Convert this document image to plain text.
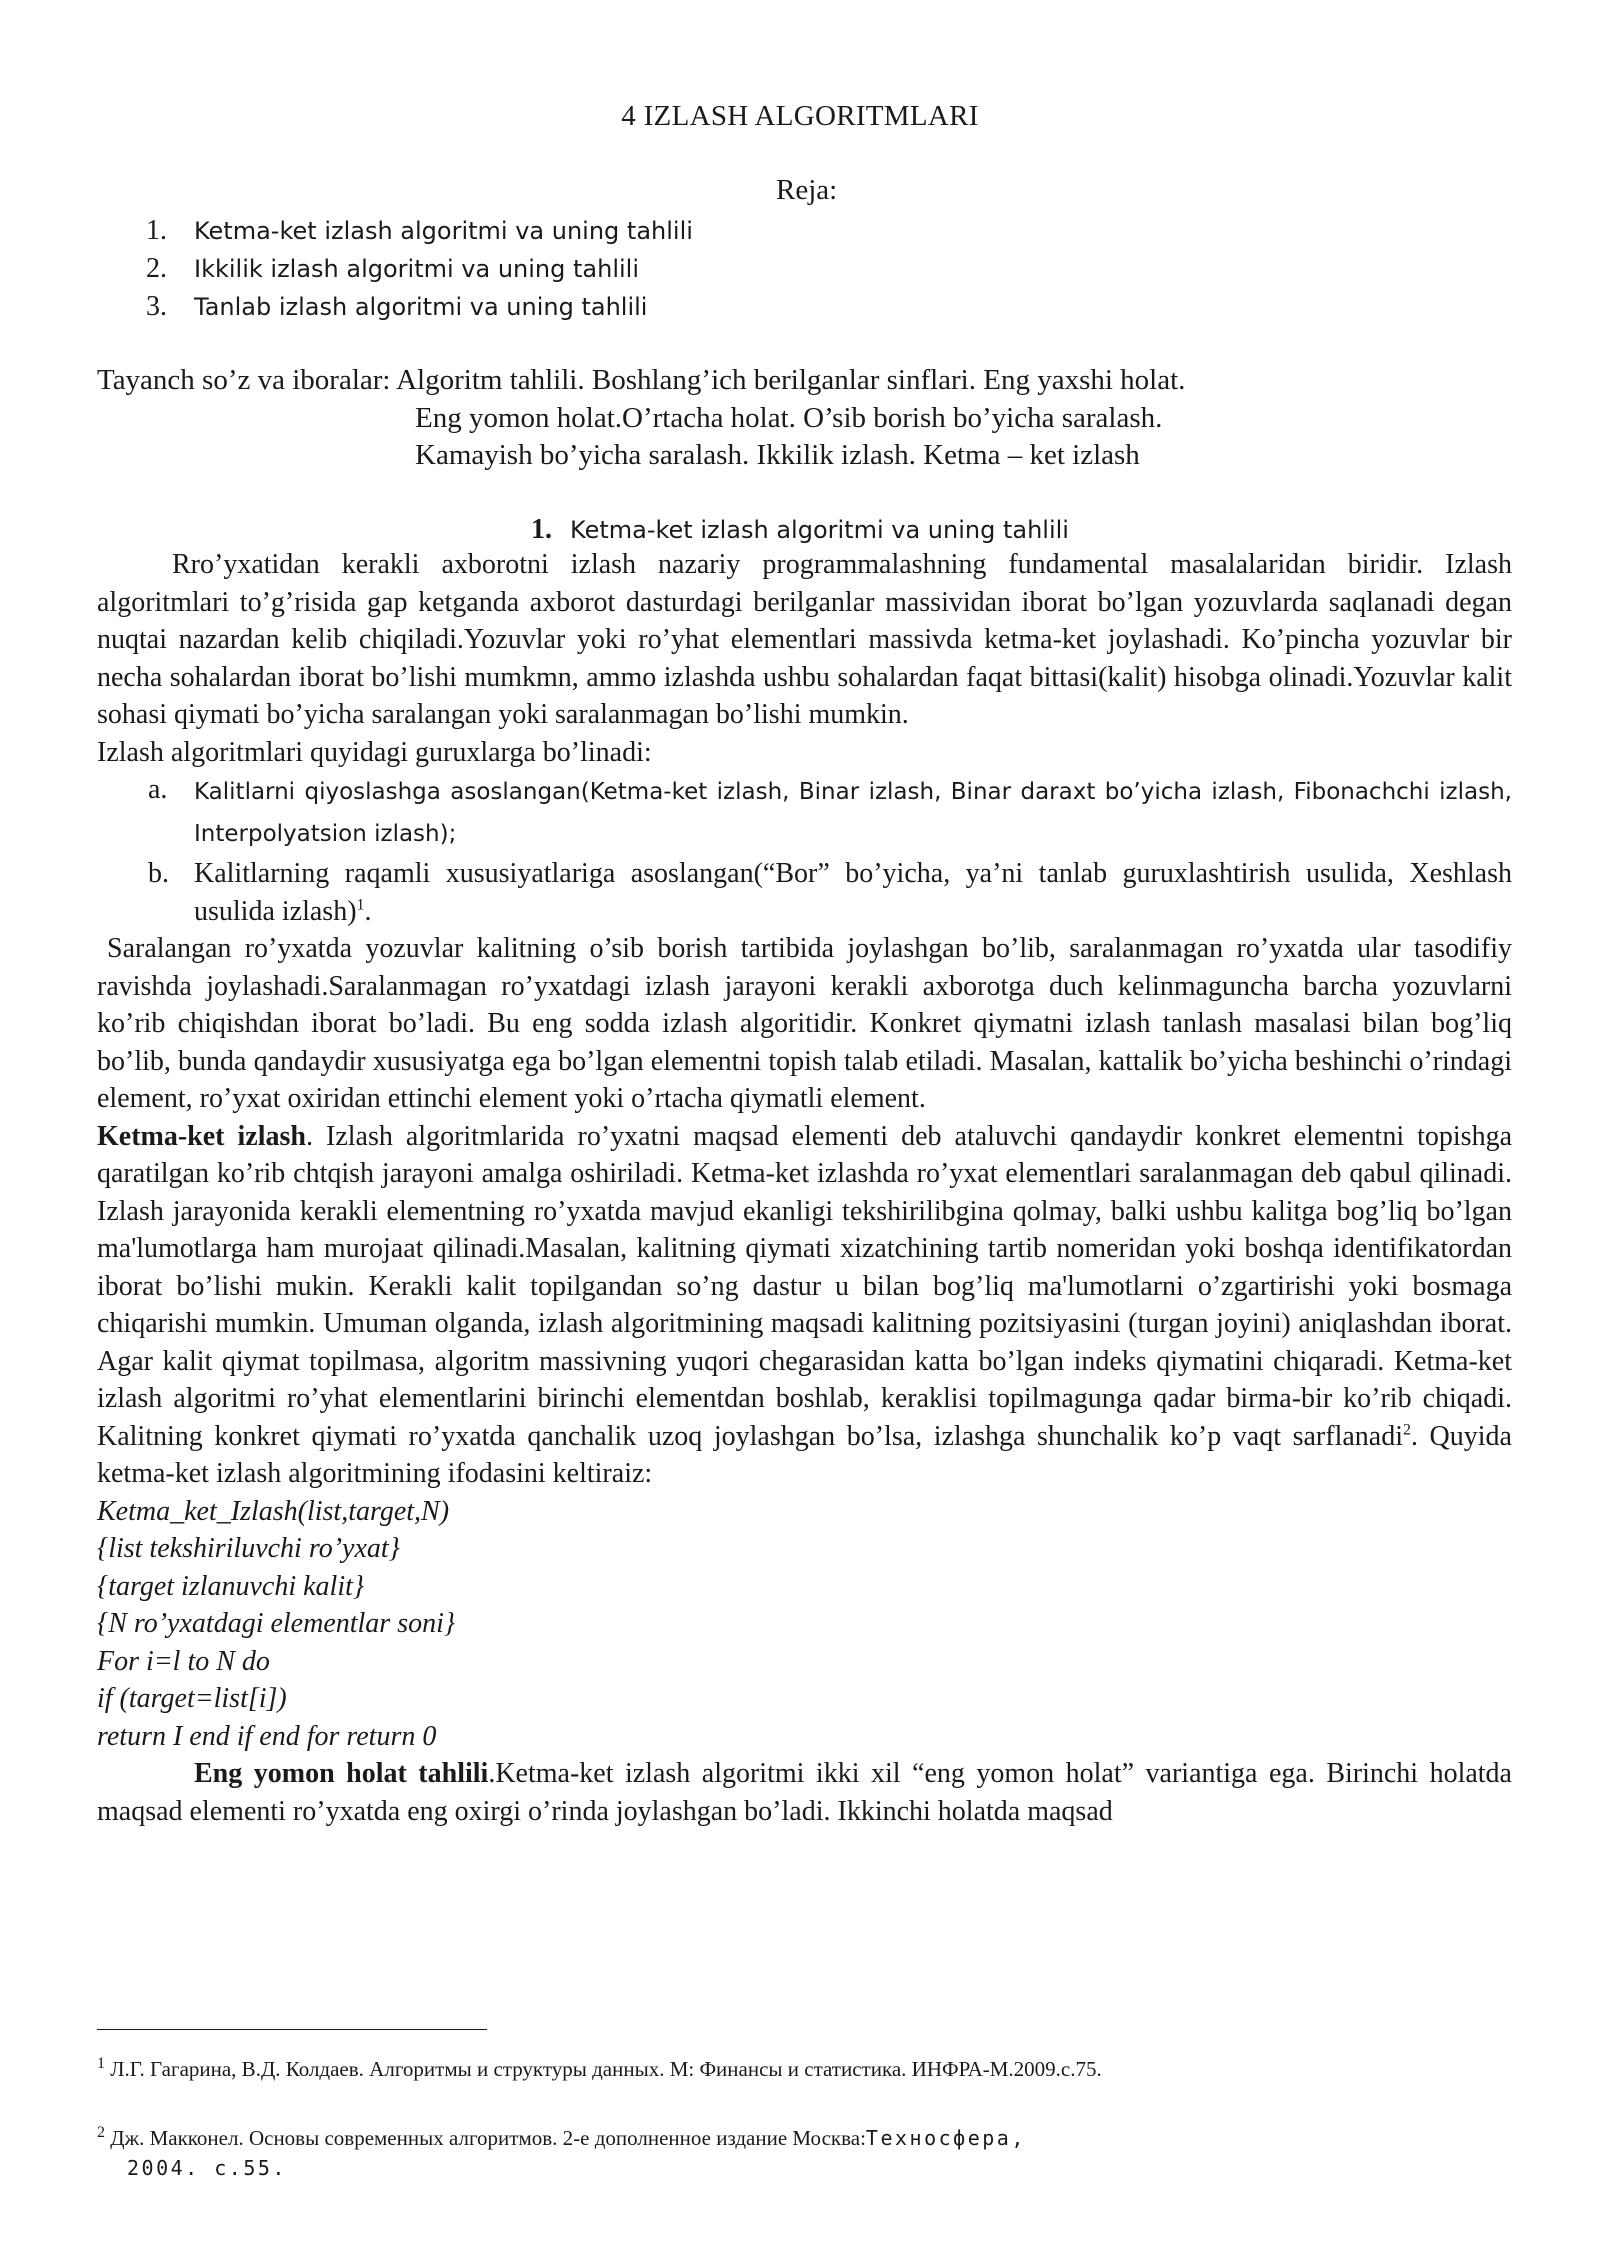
4 IZLASH ALGORITMLARI
Reja:
1.	Ketma-ket izlash algoritmi va uning tahlili
2.	Ikkilik izlash algoritmi va uning tahlili
3.	Tanlab izlash algoritmi va uning tahlili
Tayanch so’z va iboralar: Algoritm tahlili. Boshlang’ich berilganlar sinflari. Eng yaxshi holat.
Eng yomon holat.O’rtacha holat. O’sib borish bo’yicha saralash.
Kamayish bo’yicha saralash. Ikkilik izlash. Ketma – ket izlash
1. Ketma-ket izlash algoritmi va uning tahlili

Rro’yxatidan kerakli axborotni izlash nazariy programmalashning fundamental masalalaridan biridir. Izlash algoritmlari to’g’risida gap ketganda axborot dasturdagi berilganlar massividan iborat bo’lgan yozuvlarda saqlanadi degan nuqtai nazardan kelib chiqiladi.Yozuvlar yoki ro’yhat elementlari massivda ketma-ket joylashadi. Ko’pincha yozuvlar bir necha sohalardan iborat bo’lishi mumkmn, ammo izlashda ushbu sohalardan faqat bittasi(kalit) hisobga olinadi.Yozuvlar kalit sohasi qiymati bo’yicha saralangan yoki saralanmagan bo’lishi mumkin.

Izlash algoritmlari quyidagi guruxlarga bo’linadi:

a.	Kalitlarni qiyoslashga asoslangan(Ketma-ket izlash, Binar izlash, Binar daraxt bo’yicha izlash, Fibonachchi izlash, Interpolyatsion izlash);
b. Kalitlarning raqamli xususiyatlariga asoslangan(“Bor” bo’yicha, ya’ni tanlab guruxlashtirish usulida, Xeshlash usulida izlash)$^1$.

Saralangan ro’yxatda yozuvlar kalitning o’sib borish tartibida joylashgan bo’lib, saralanmagan ro’yxatda ular tasodifiy ravishda joylashadi.Saralanmagan ro’yxatdagi izlash jarayoni kerakli axborotga duch kelinmaguncha barcha yozuvlarni ko’rib chiqishdan iborat bo’ladi. Bu eng sodda izlash algoritidir. Konkret qiymatni izlash tanlash masalasi bilan bog’liq bo’lib, bunda qandaydir xususiyatga ega bo’lgan elementni topish talab etiladi. Masalan, kattalik bo’yicha beshinchi o’rindagi element, ro’yxat oxiridan ettinchi element yoki o’rtacha qiymatli element.

Ketma-ket izlash. Izlash algoritmlarida ro’yxatni maqsad elementi deb ataluvchi qandaydir konkret elementni topishga qaratilgan ko’rib chtqish jarayoni amalga oshiriladi. Ketma-ket izlashda ro’yxat elementlari saralanmagan deb qabul qilinadi. Izlash jarayonida kerakli elementning ro’yxatda mavjud ekanligi tekshirilibgina qolmay, balki ushbu kalitga bog’liq bo’lgan ma'lumotlarga ham murojaat qilinadi.Masalan, kalitning qiymati xizatchining tartib nomeridan yoki boshqa identifikatordan iborat bo’lishi mukin. Kerakli kalit topilgandan so’ng dastur u bilan bog’liq ma'lumotlarni o’zgartirishi yoki bosmaga chiqarishi mumkin. Umuman olganda, izlash algoritmining maqsadi kalitning pozitsiyasini (turgan joyini) aniqlashdan iborat. Agar kalit qiymat topilmasa, algoritm massivning yuqori chegarasidan katta bo’lgan indeks qiymatini chiqaradi. Ketma-ket izlash algoritmi ro’yhat elementlarini birinchi elementdan boshlab, keraklisi topilmagunga qadar birma-bir ko’rib chiqadi. Kalitning konkret qiymati ro’yxatda qanchalik uzoq joylashgan bo’lsa, izlashga shunchalik ko’p vaqt sarflanadi$^2$. Quyida ketma-ket izlash algoritmining ifodasini keltiraiz:

Ketma_ket_Izlash(list,target,N)
{list tekshiriluvchi ro’yxat}
{target izlanuvchi kalit}
{N ro’yxatdagi elementlar soni}
For i=l to N do
if (target=list[i])
return I end if end for return 0

Eng yomon holat tahlili.Ketma-ket izlash algoritmi ikki xil “eng yomon holat” variantiga ega. Birinchi holatda maqsad elementi ro’yxatda eng oxirgi o’rinda joylashgan bo’ladi. Ikkinchi holatda maqsad

$^1$ Л.Г. Гагарина, В.Д. Колдаев. Алгоритмы и структуры данных. М: Финансы и статистика. ИНФРА-М.2009.с.75.
$^2$ Дж. Макконел. Основы современных алгоритмов. 2-е дополненное издание Москва:Техносфера,
2004. с.55.
